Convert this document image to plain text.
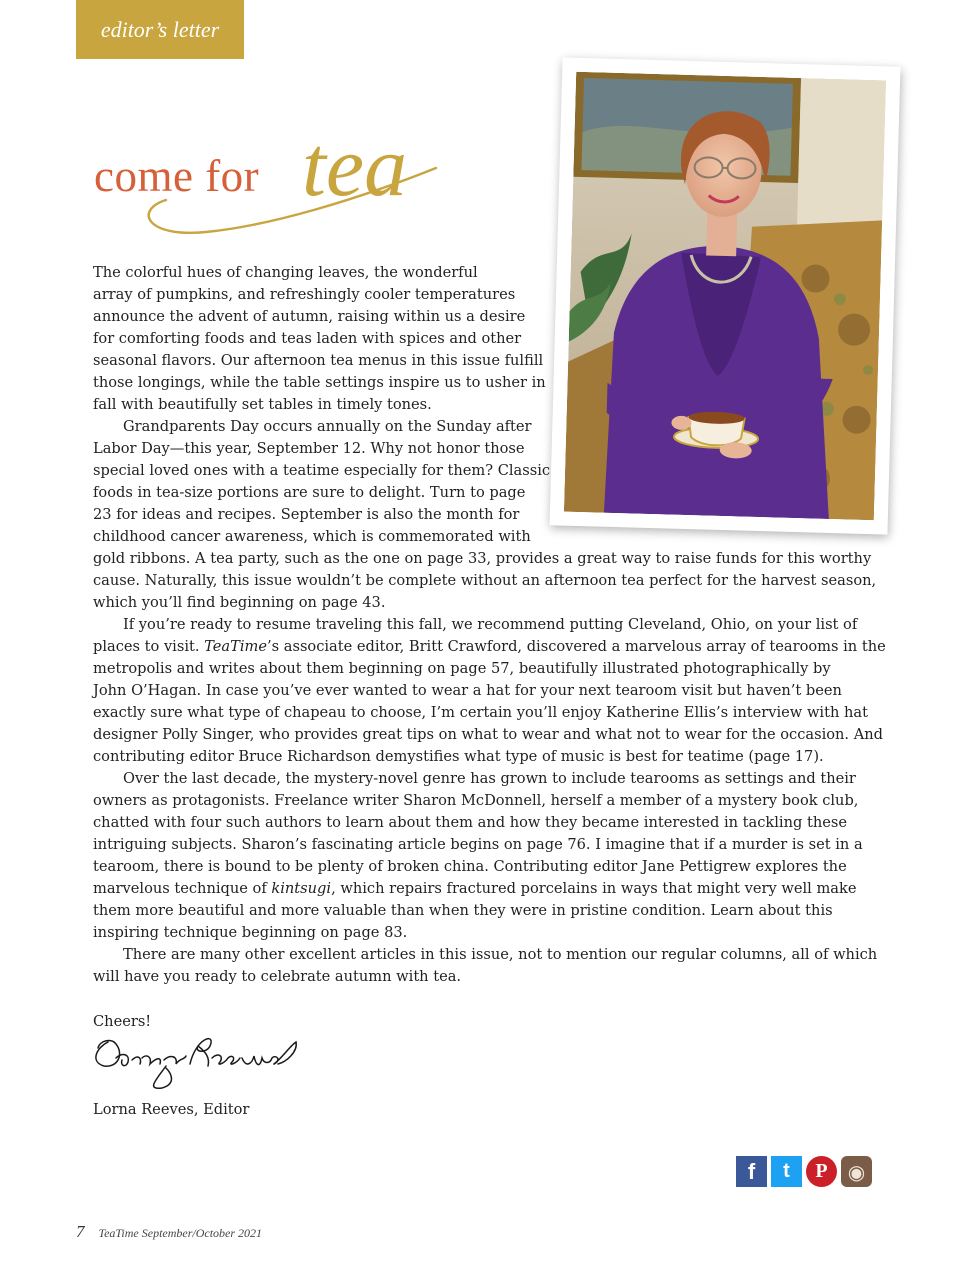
editor’s letter
come for tea

The colorful hues of changing leaves, the wonderful
array of pumpkins, and refreshingly cooler temperatures
announce the advent of autumn, raising within us a desire
for comforting foods and teas laden with spices and other
seasonal flavors. Our afternoon tea menus in this issue fulfill
those longings, while the table settings inspire us to usher in
fall with beautifully set tables in timely tones.

Grandparents Day occurs annually on the Sunday after
Labor Day—this year, September 12. Why not honor those
special loved ones with a teatime especially for them? Classic
foods in tea-size portions are sure to delight. Turn to page
23 for ideas and recipes. September is also the month for
childhood cancer awareness, which is commemorated with
gold ribbons. A tea party, such as the one on page 33, provides a great way to raise funds for this worthy
cause. Naturally, this issue wouldn’t be complete without an afternoon tea perfect for the harvest season,
which you’ll find beginning on page 43.

If you’re ready to resume traveling this fall, we recommend putting Cleveland, Ohio, on your list of
places to visit. TeaTime’s associate editor, Britt Crawford, discovered a marvelous array of tearooms in the
metropolis and writes about them beginning on page 57, beautifully illustrated photographically by
John O’Hagan. In case you’ve ever wanted to wear a hat for your next tearoom visit but haven’t been
exactly sure what type of chapeau to choose, I’m certain you’ll enjoy Katherine Ellis’s interview with hat
designer Polly Singer, who provides great tips on what to wear and what not to wear for the occasion. And
contributing editor Bruce Richardson demystifies what type of music is best for teatime (page 17).

Over the last decade, the mystery-novel genre has grown to include tearooms as settings and their
owners as protagonists. Freelance writer Sharon McDonnell, herself a member of a mystery book club,
chatted with four such authors to learn about them and how they became interested in tackling these
intriguing subjects. Sharon’s fascinating article begins on page 76. I imagine that if a murder is set in a
tearoom, there is bound to be plenty of broken china. Contributing editor Jane Pettigrew explores the
marvelous technique of kintsugi, which repairs fractured porcelains in ways that might very well make
them more beautiful and more valuable than when they were in pristine condition. Learn about this
inspiring technique beginning on page 83.

There are many other excellent articles in this issue, not to mention our regular columns, all of which
will have you ready to celebrate autumn with tea.

Cheers!

Lorna Reeves, Editor

f t P ◉
7 TeaTime September/October 2021
